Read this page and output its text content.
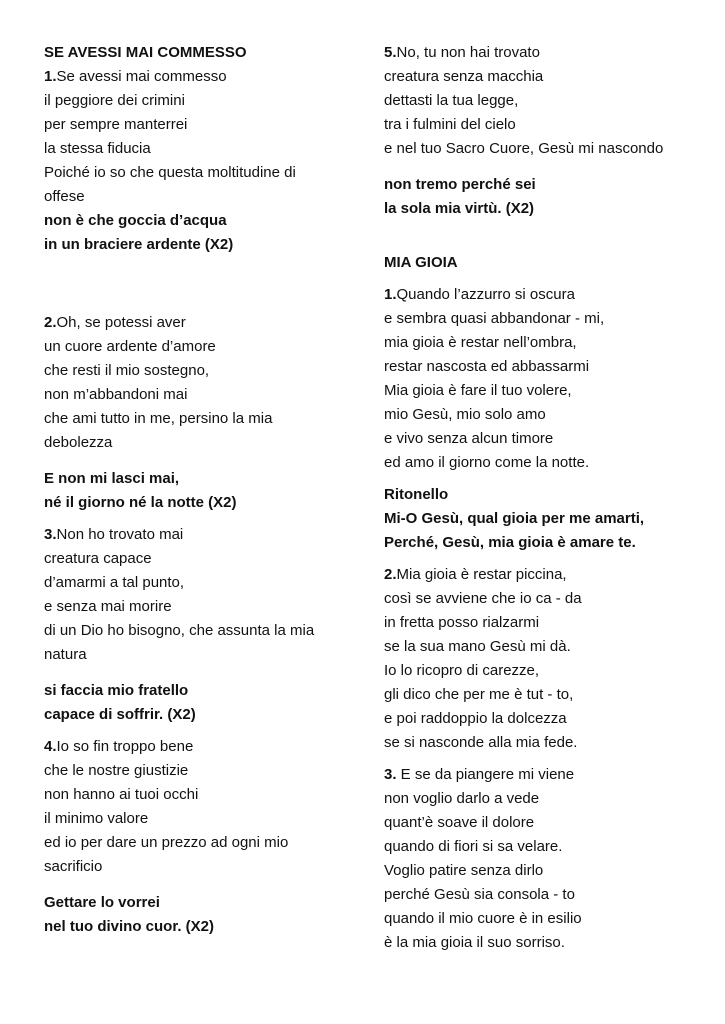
SE AVESSI MAI COMMESSO
1.Se avessi mai commesso
il peggiore dei crimini
per sempre manterrei
la stessa fiducia
Poiché io so che questa moltitudine di
offese
non è che goccia d’acqua
in un braciere ardente (X2)
2.Oh, se potessi aver
un cuore ardente d’amore
che resti il mio sostegno,
non m’abbandoni mai
che ami tutto in me, persino la mia
debolezza
E non mi lasci mai,
né il giorno né la notte (X2)
3.Non ho trovato mai
creatura capace
d’amarmi a tal punto,
e senza mai morire
di un Dio ho bisogno, che assunta la mia
natura
si faccia mio fratello
capace di soffrir. (X2)
4.Io so fin troppo bene
che le nostre giustizie
non hanno ai tuoi occhi
il minimo valore
ed io per dare un prezzo ad ogni mio
sacrificio
Gettare lo vorrei
nel tuo divino cuor. (X2)
5.No, tu non hai trovato
creatura senza macchia
dettasti la tua legge,
tra i fulmini del cielo
e nel tuo Sacro Cuore, Gesù mi nascondo
non tremo perché sei
la sola mia virtù. (X2)
MIA GIOIA
1.Quando l’azzurro si oscura
e sembra quasi abbandonar - mi,
mia gioia è restar nell’ombra,
restar nascosta ed abbassarmi
Mia gioia è fare il tuo volere,
mio Gesù, mio solo amo
e vivo senza alcun timore
ed amo il giorno come la notte.
Ritonello
Mi-O Gesù, qual gioia per me amarti,
Perché, Gesù, mia gioia è amare te.
2.Mia gioia è restar piccina,
così se avviene che io ca - da
in fretta posso rialzarmi
se la sua mano Gesù mi dà.
Io lo ricopro di carezze,
gli dico che per me è tut - to,
e poi raddoppio la dolcezza
se si nasconde alla mia fede.
3. E se da piangere mi viene
non voglio darlo a vede
quant’è soave il dolore
quando di fiori si sa velare.
Voglio patire senza dirlo
perché Gesù sia consola - to
quando il mio cuore è in esilio
è la mia gioia il suo sorriso.
